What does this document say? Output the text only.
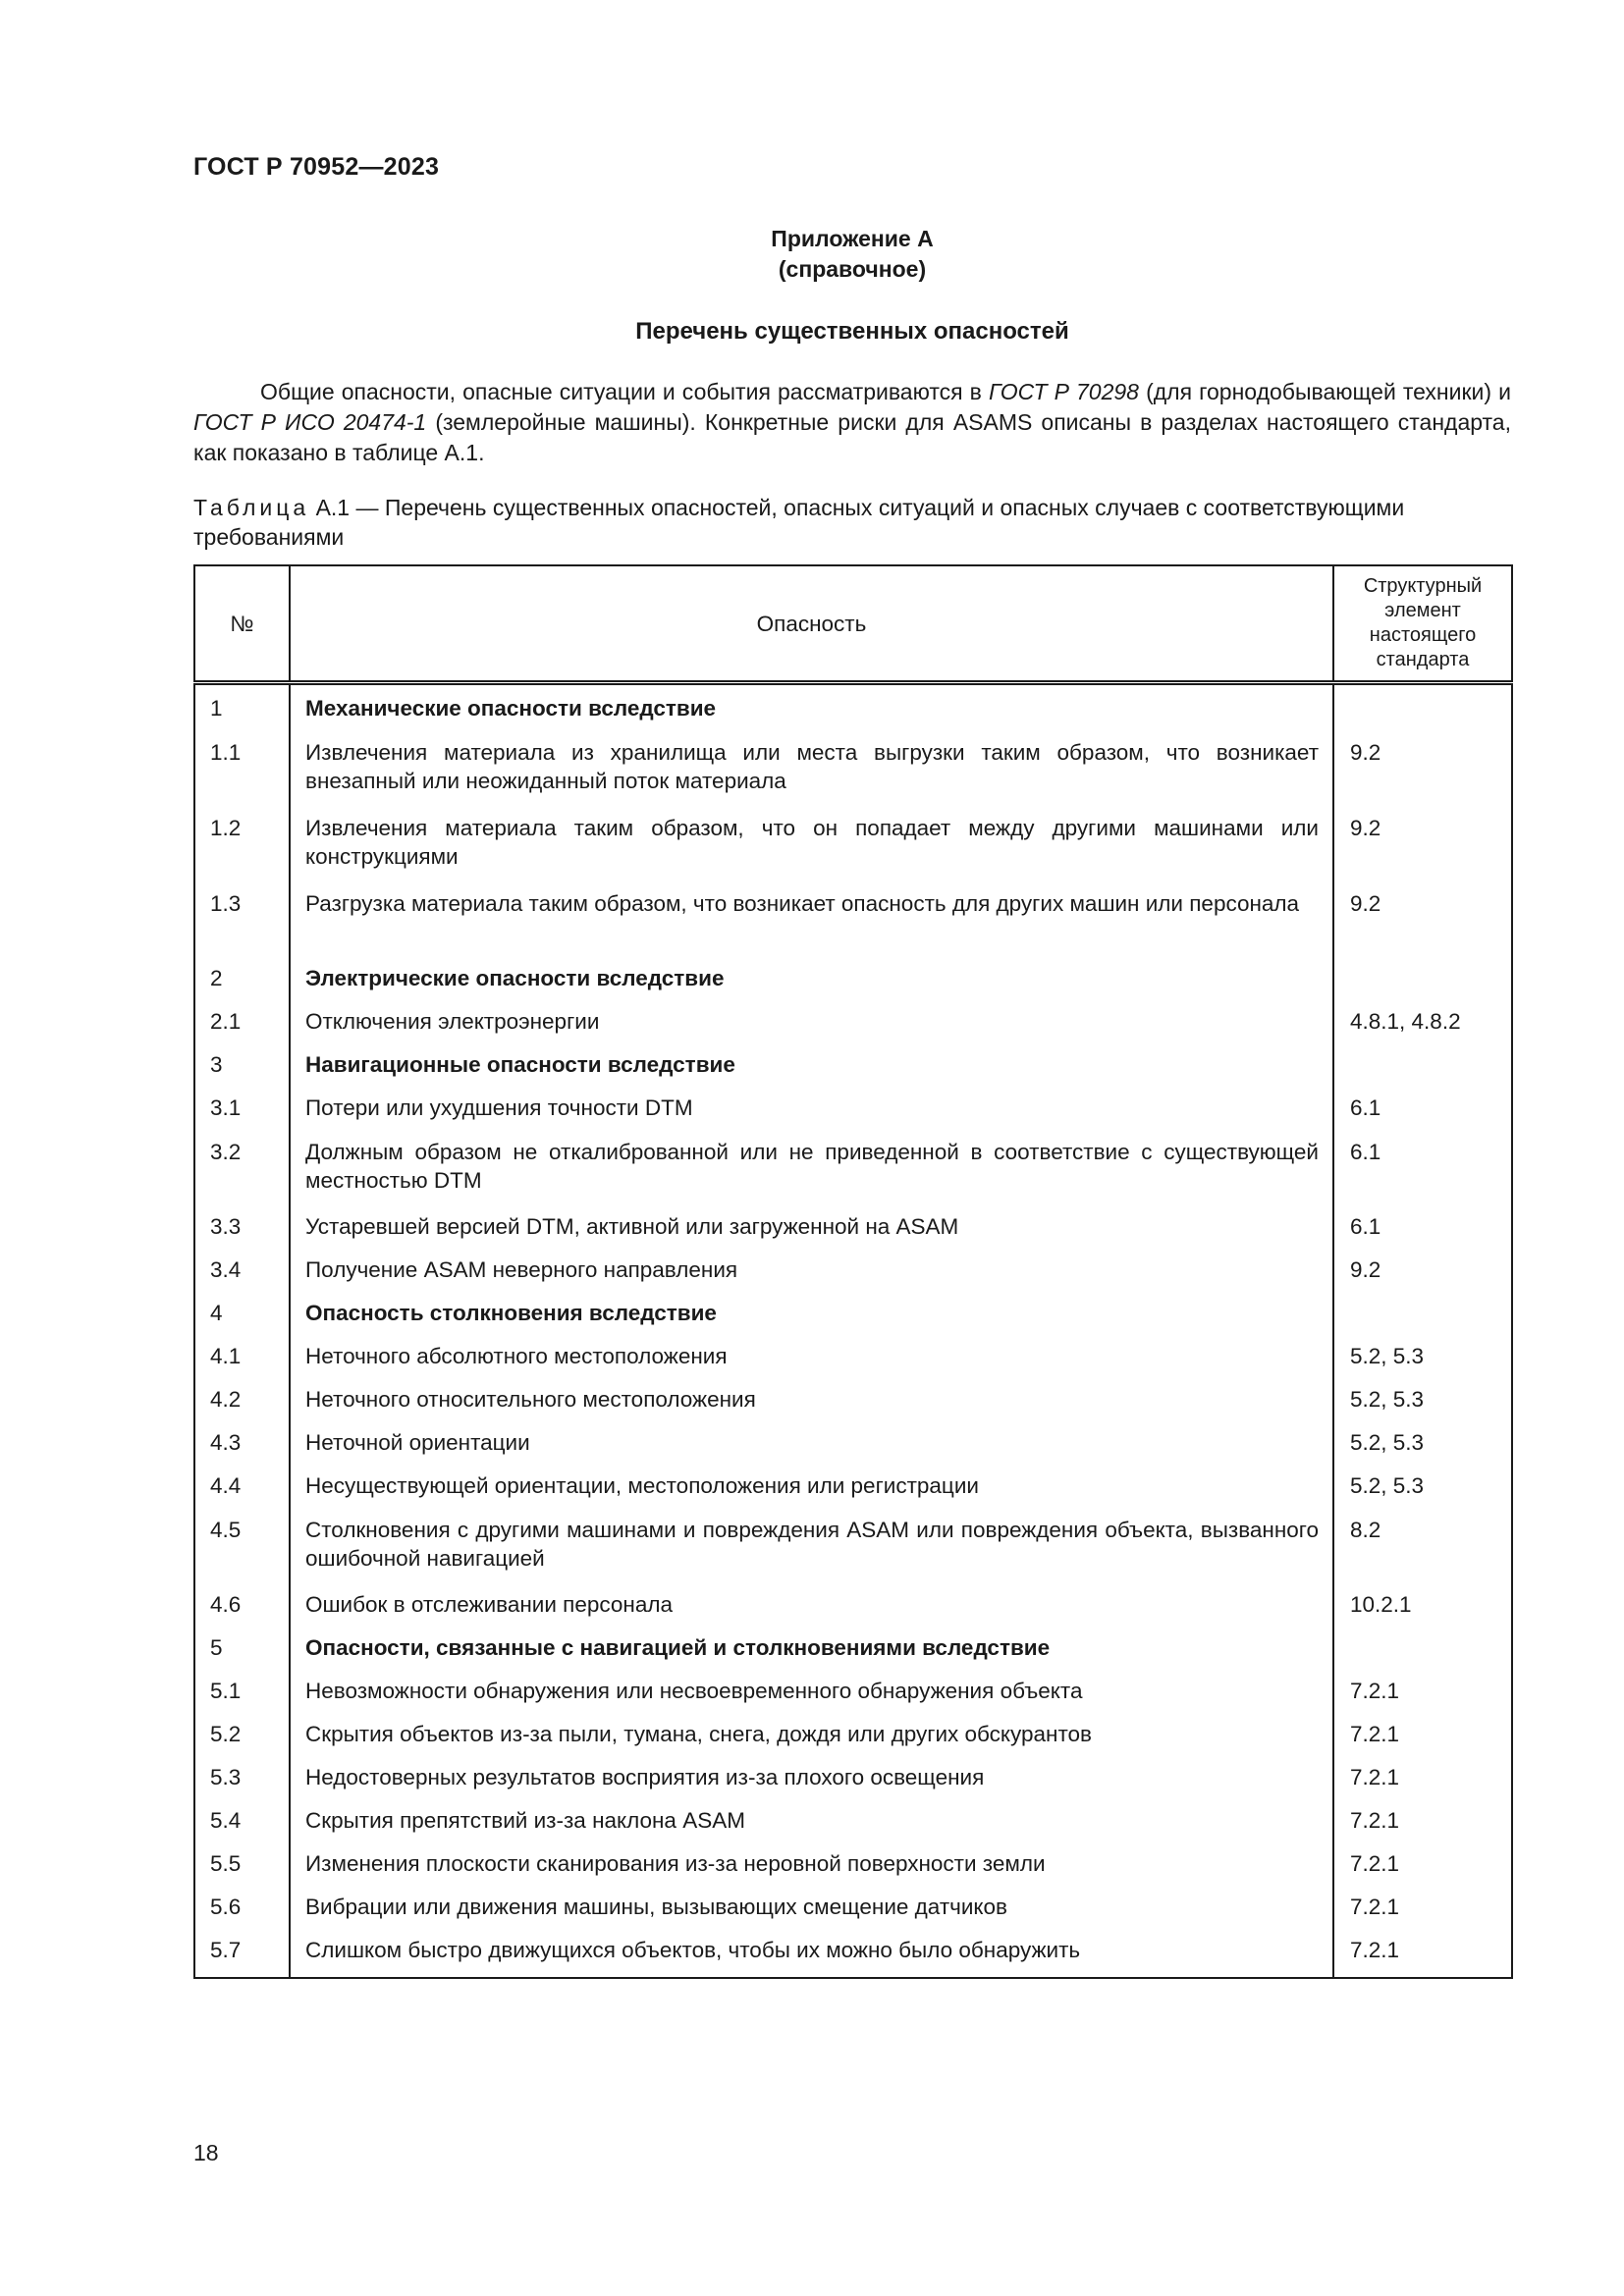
ГОСТ Р 70952—2023
Приложение А
(справочное)
Перечень существенных опасностей

Общие опасности, опасные ситуации и события рассматриваются в ГОСТ Р 70298 (для горнодобывающей техники) и ГОСТ Р ИСО 20474-1 (землеройные машины). Конкретные риски для ASAMS описаны в разделах настоящего стандарта, как показано в таблице А.1.

Таблица А.1 — Перечень существенных опасностей, опасных ситуаций и опасных случаев с соответствующими требованиями

№	Опасность	Структурный элемент настоящего стандарта
1	Механические опасности вследствие	
1.1	Извлечения материала из хранилища или места выгрузки таким образом, что возникает внезапный или неожиданный поток материала	9.2
1.2	Извлечения материала таким образом, что он попадает между другими машинами или конструкциями	9.2
1.3	Разгрузка материала таким образом, что возникает опасность для других машин или персонала	9.2
2	Электрические опасности вследствие	
2.1	Отключения электроэнергии	4.8.1, 4.8.2
3	Навигационные опасности вследствие	
3.1	Потери или ухудшения точности DTM	6.1
3.2	Должным образом не откалиброванной или не приведенной в соответствие с существующей местностью DTM	6.1
3.3	Устаревшей версией DTM, активной или загруженной на ASAM	6.1
3.4	Получение ASAM неверного направления	9.2
4	Опасность столкновения вследствие	
4.1	Неточного абсолютного местоположения	5.2, 5.3
4.2	Неточного относительного местоположения	5.2, 5.3
4.3	Неточной ориентации	5.2, 5.3
4.4	Несуществующей ориентации, местоположения или регистрации	5.2, 5.3
4.5	Столкновения с другими машинами и повреждения ASAM или повреждения объекта, вызванного ошибочной навигацией	8.2
4.6	Ошибок в отслеживании персонала	10.2.1
5	Опасности, связанные с навигацией и столкновениями вследствие	
5.1	Невозможности обнаружения или несвоевременного обнаружения объекта	7.2.1
5.2	Скрытия объектов из-за пыли, тумана, снега, дождя или других обскурантов	7.2.1
5.3	Недостоверных результатов восприятия из-за плохого освещения	7.2.1
5.4	Скрытия препятствий из-за наклона ASAM	7.2.1
5.5	Изменения плоскости сканирования из-за неровной поверхности земли	7.2.1
5.6	Вибрации или движения машины, вызывающих смещение датчиков	7.2.1
5.7	Слишком быстро движущихся объектов, чтобы их можно было обнаружить	7.2.1
18
